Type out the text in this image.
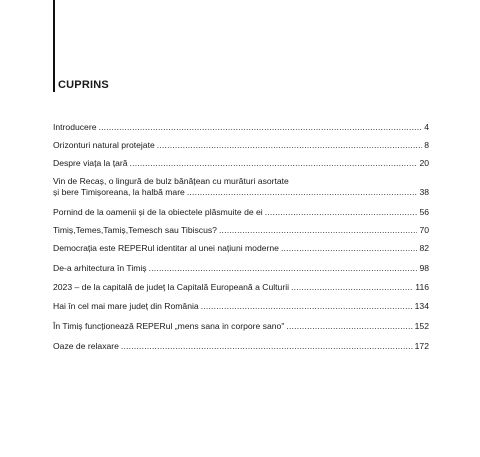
CUPRINS
Introducere .....	4
Orizonturi natural protejate .....	8
Despre viața la țară .....	20
Vin de Recaș, o lingură de bulz bănățean cu murături asortate
și bere Timișoreana, la halbă mare .....	38
Pornind de la oamenii și de la obiectele plăsmuite de ei .....	56
Timiș,Temes,Tamiș,Temesch sau Tibiscus? .....	70
Democrația este REPERul identitar al unei națiuni moderne .....	82
De-a arhitectura în Timiș .....	98
2023 – de la capitală de județ la Capitală Europeană a Culturii .....	116
Hai în cel mai mare județ din România .....	134
În Timiș funcționează REPERul „mens sana in corpore sano" .....	152
Oaze de relaxare .....	172
